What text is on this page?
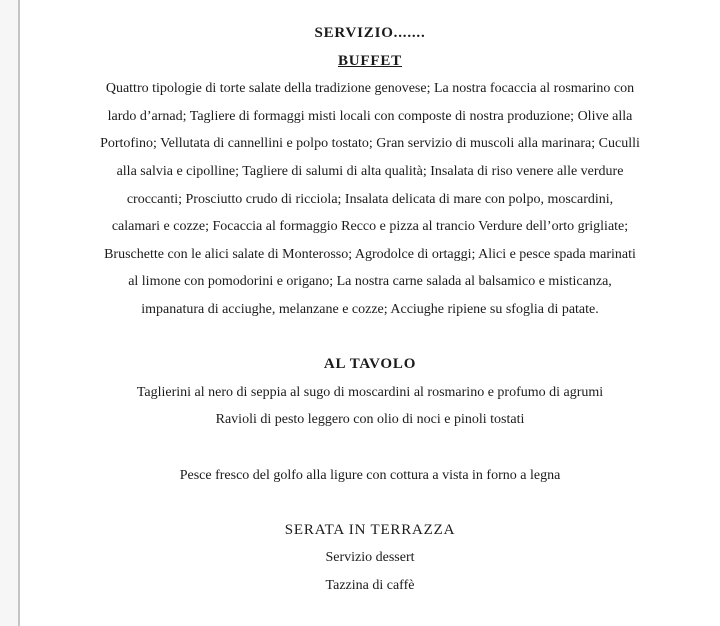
SERVIZIO.......
BUFFET
Quattro tipologie di torte salate della tradizione genovese; La nostra focaccia al rosmarino con
lardo d’arnad; Tagliere di formaggi misti locali con composte di nostra produzione; Olive alla
Portofino; Vellutata di cannellini e polpo tostato; Gran servizio di muscoli alla marinara; Cuculli
alla salvia e cipolline; Tagliere di salumi di alta qualità; Insalata di riso venere alle verdure
croccanti; Prosciutto crudo di ricciola; Insalata delicata di mare con polpo, moscardini,
calamari e cozze; Focaccia al formaggio Recco e pizza al trancio Verdure dell’orto grigliate;
Bruschette con le alici salate di Monterosso; Agrodolce di ortaggi; Alici e pesce spada marinati
al limone con pomodorini e origano; La nostra carne salada al balsamico e misticanza,
impanatura di acciughe, melanzane e cozze; Acciughe ripiene su sfoglia di patate.
AL TAVOLO
Taglierini al nero di seppia al sugo di moscardini al rosmarino e profumo di agrumi
Ravioli di pesto leggero con olio di noci e pinoli tostati
Pesce fresco del golfo alla ligure con cottura a vista in forno a legna
SERATA IN TERRAZZA
Servizio dessert
Tazzina di caffè
